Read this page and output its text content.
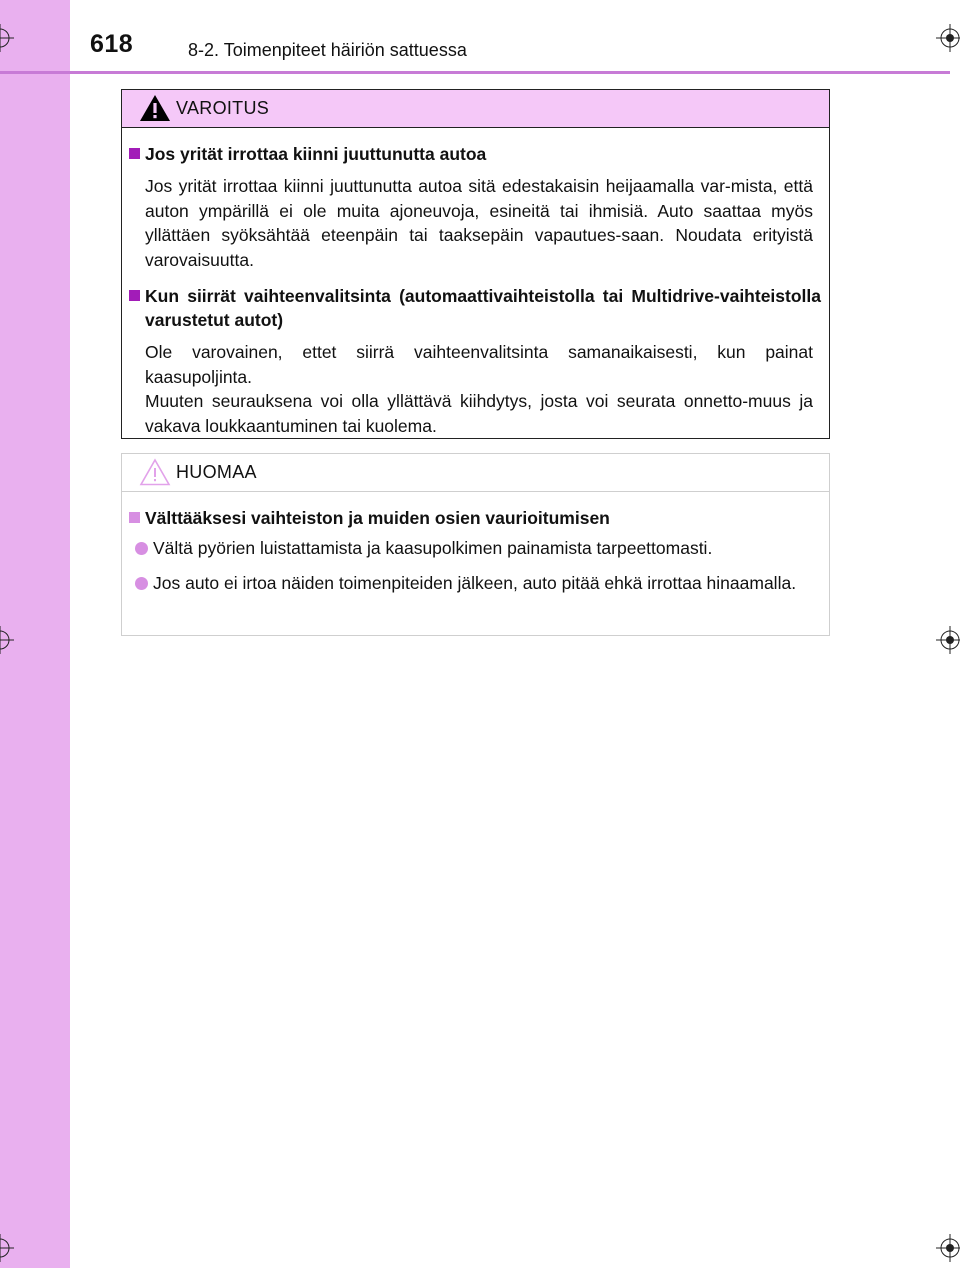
618	8-2. Toimenpiteet häiriön sattuessa
VAROITUS
Jos yrität irrottaa kiinni juuttunutta autoa
Jos yrität irrottaa kiinni juuttunutta autoa sitä edestakaisin heijaamalla var-mista, että auton ympärillä ei ole muita ajoneuvoja, esineitä tai ihmisiä. Auto saattaa myös yllättäen syöksähtää eteenpäin tai taaksepäin vapautues-saan. Noudata erityistä varovaisuutta.
Kun siirrät vaihteenvalitsinta (automaattivaihteistolla tai Multidrive-vaihteistolla varustetut autot)
Ole varovainen, ettet siirrä vaihteenvalitsinta samanaikaisesti, kun painat kaasupoljinta.
Muuten seurauksena voi olla yllättävä kiihdytys, josta voi seurata onnetto-muus ja vakava loukkaantuminen tai kuolema.
HUOMAA
Välttääksesi vaihteiston ja muiden osien vaurioitumisen
Vältä pyörien luistattamista ja kaasupolkimen painamista tarpeettomasti.
Jos auto ei irtoa näiden toimenpiteiden jälkeen, auto pitää ehkä irrottaa hinaamalla.
